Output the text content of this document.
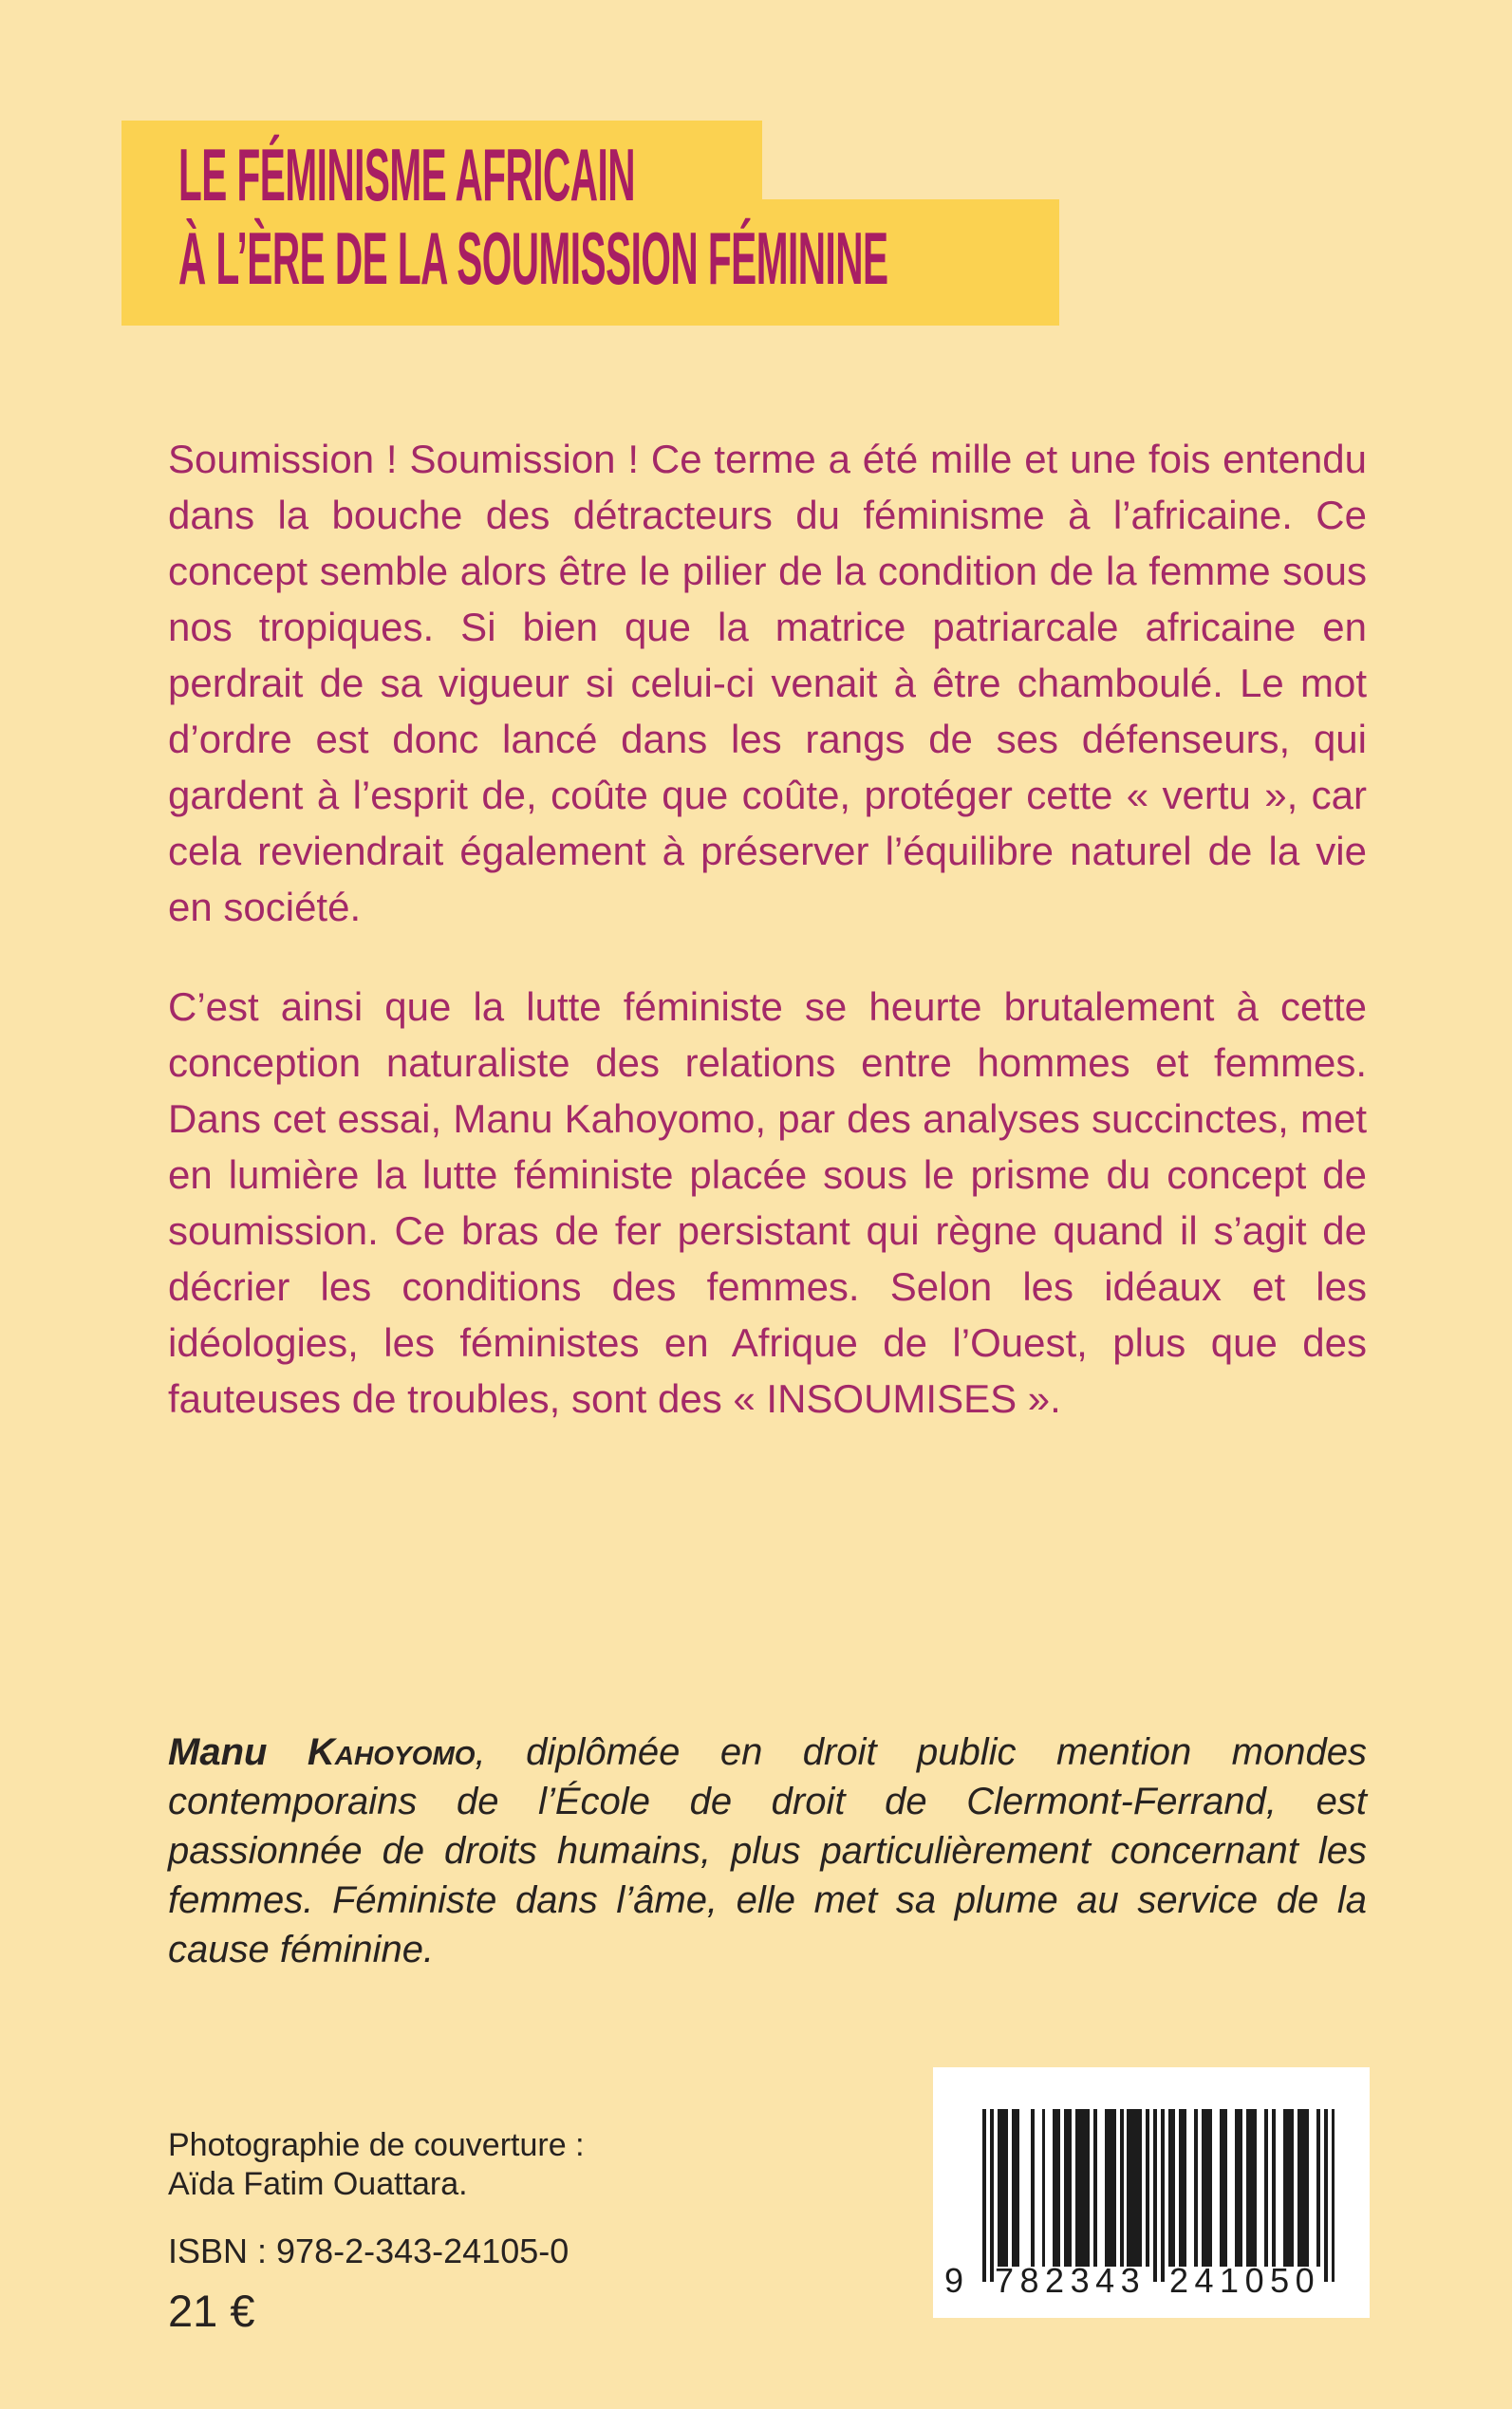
LE FÉMINISME AFRICAIN
À L’ÈRE DE LA SOUMISSION FÉMININE

Soumission ! Soumission ! Ce terme a été mille et une fois entendu dans la bouche des détracteurs du féminisme à l’africaine. Ce concept semble alors être le pilier de la condition de la femme sous nos tropiques. Si bien que la matrice patriarcale africaine en perdrait de sa vigueur si celui-ci venait à être chamboulé. Le mot d’ordre est donc lancé dans les rangs de ses défenseurs, qui gardent à l’esprit de, coûte que coûte, protéger cette « vertu », car cela reviendrait également à préserver l’équilibre naturel de la vie en société.

C’est ainsi que la lutte féministe se heurte brutalement à cette conception naturaliste des relations entre hommes et femmes. Dans cet essai, Manu Kahoyomo, par des analyses succinctes, met en lumière la lutte féministe placée sous le prisme du concept de soumission. Ce bras de fer persistant qui règne quand il s’agit de décrier les conditions des femmes. Selon les idéaux et les idéologies, les féministes en Afrique de l’Ouest, plus que des fauteuses de troubles, sont des « INSOUMISES ».

Manu Kahoyomo, diplômée en droit public mention mondes contemporains de l’École de droit de Clermont-Ferrand, est passionnée de droits humains, plus particulièrement concernant les femmes. Féministe dans l’âme, elle met sa plume au service de la cause féminine.
Photographie de couverture :
Aïda Fatim Ouattara.
ISBN : 978-2-343-24105-0
21 €
9 782343 241050
